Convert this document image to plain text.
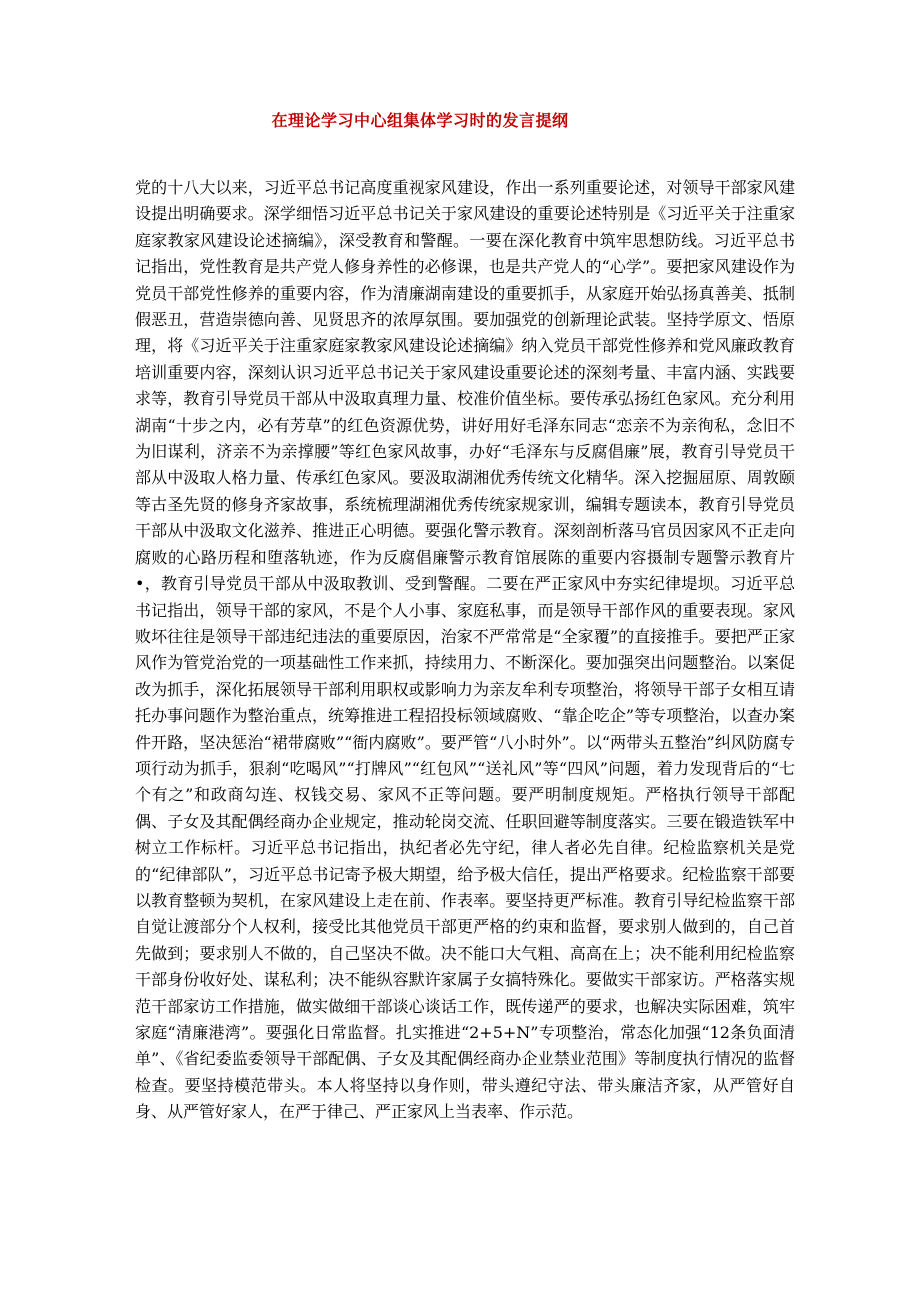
在理论学习中心组集体学习时的发言提纲

党的十八大以来，习近平总书记高度重视家风建设，作出一系列重要论述，对领导干部家风建设提出明确要求。深学细悟习近平总书记关于家风建设的重要论述特别是《习近平关于注重家庭家教家风建设论述摘编》，深受教育和警醒。一要在深化教育中筑牢思想防线。习近平总书记指出，党性教育是共产党人修身养性的必修课，也是共产党人的“心学”。要把家风建设作为党员干部党性修养的重要内容，作为清廉湖南建设的重要抓手，从家庭开始弘扬真善美、抵制假恶丑，营造崇德向善、见贤思齐的浓厚氛围。要加强党的创新理论武装。坚持学原文、悟原理，将《习近平关于注重家庭家教家风建设论述摘编》纳入党员干部党性修养和党风廉政教育培训重要内容，深刻认识习近平总书记关于家风建设重要论述的深刻考量、丰富内涵、实践要求等，教育引导党员干部从中汲取真理力量、校准价值坐标。要传承弘扬红色家风。充分利用湖南“十步之内，必有芳草”的红色资源优势，讲好用好毛泽东同志“恋亲不为亲徇私，念旧不为旧谋利，济亲不为亲撑腰”等红色家风故事，办好“毛泽东与反腐倡廉”展，教育引导党员干部从中汲取人格力量、传承红色家风。要汲取湖湘优秀传统文化精华。深入挖掘屈原、周敦颐等古圣先贤的修身齐家故事，系统梳理湖湘优秀传统家规家训，编辑专题读本，教育引导党员干部从中汲取文化滋养、推进正心明德。要强化警示教育。深刻剖析落马官员因家风不正走向腐败的心路历程和堕落轨迹，作为反腐倡廉警示教育馆展陈的重要内容摄制专题警示教育片•，教育引导党员干部从中汲取教训、受到警醒。二要在严正家风中夯实纪律堤坝。习近平总书记指出，领导干部的家风，不是个人小事、家庭私事，而是领导干部作风的重要表现。家风败坏往往是领导干部违纪违法的重要原因，治家不严常常是“全家覆”的直接推手。要把严正家风作为管党治党的一项基础性工作来抓，持续用力、不断深化。要加强突出问题整治。以案促改为抓手，深化拓展领导干部利用职权或影响力为亲友牟利专项整治，将领导干部子女相互请托办事问题作为整治重点，统筹推进工程招投标领域腐败、“靠企吃企”等专项整治，以查办案件开路，坚决惩治“裙带腐败”“衙内腐败”。要严管“八小时外”。以“两带头五整治”纠风防腐专项行动为抓手，狠刹“吃喝风”“打牌风”“红包风”“送礼风”等“四风”问题，着力发现背后的“七个有之”和政商勾连、权钱交易、家风不正等问题。要严明制度规矩。严格执行领导干部配偶、子女及其配偶经商办企业规定，推动轮岗交流、任职回避等制度落实。三要在锻造铁军中树立工作标杆。习近平总书记指出，执纪者必先守纪，律人者必先自律。纪检监察机关是党的“纪律部队”，习近平总书记寄予极大期望，给予极大信任，提出严格要求。纪检监察干部要以教育整顿为契机，在家风建设上走在前、作表率。要坚持更严标准。教育引导纪检监察干部自觉让渡部分个人权利，接受比其他党员干部更严格的约束和监督，要求别人做到的，自己首先做到；要求别人不做的，自己坚决不做。决不能口大气粗、高高在上；决不能利用纪检监察干部身份收好处、谋私利；决不能纵容默许家属子女搞特殊化。要做实干部家访。严格落实规范干部家访工作措施，做实做细干部谈心谈话工作，既传递严的要求，也解决实际困难，筑牢家庭“清廉港湾”。要强化日常监督。扎实推进“2+5+N”专项整治，常态化加强“12条负面清单”、《省纪委监委领导干部配偶、子女及其配偶经商办企业禁业范围》等制度执行情况的监督检查。要坚持模范带头。本人将坚持以身作则，带头遵纪守法、带头廉洁齐家，从严管好自身、从严管好家人，在严于律己、严正家风上当表率、作示范。
